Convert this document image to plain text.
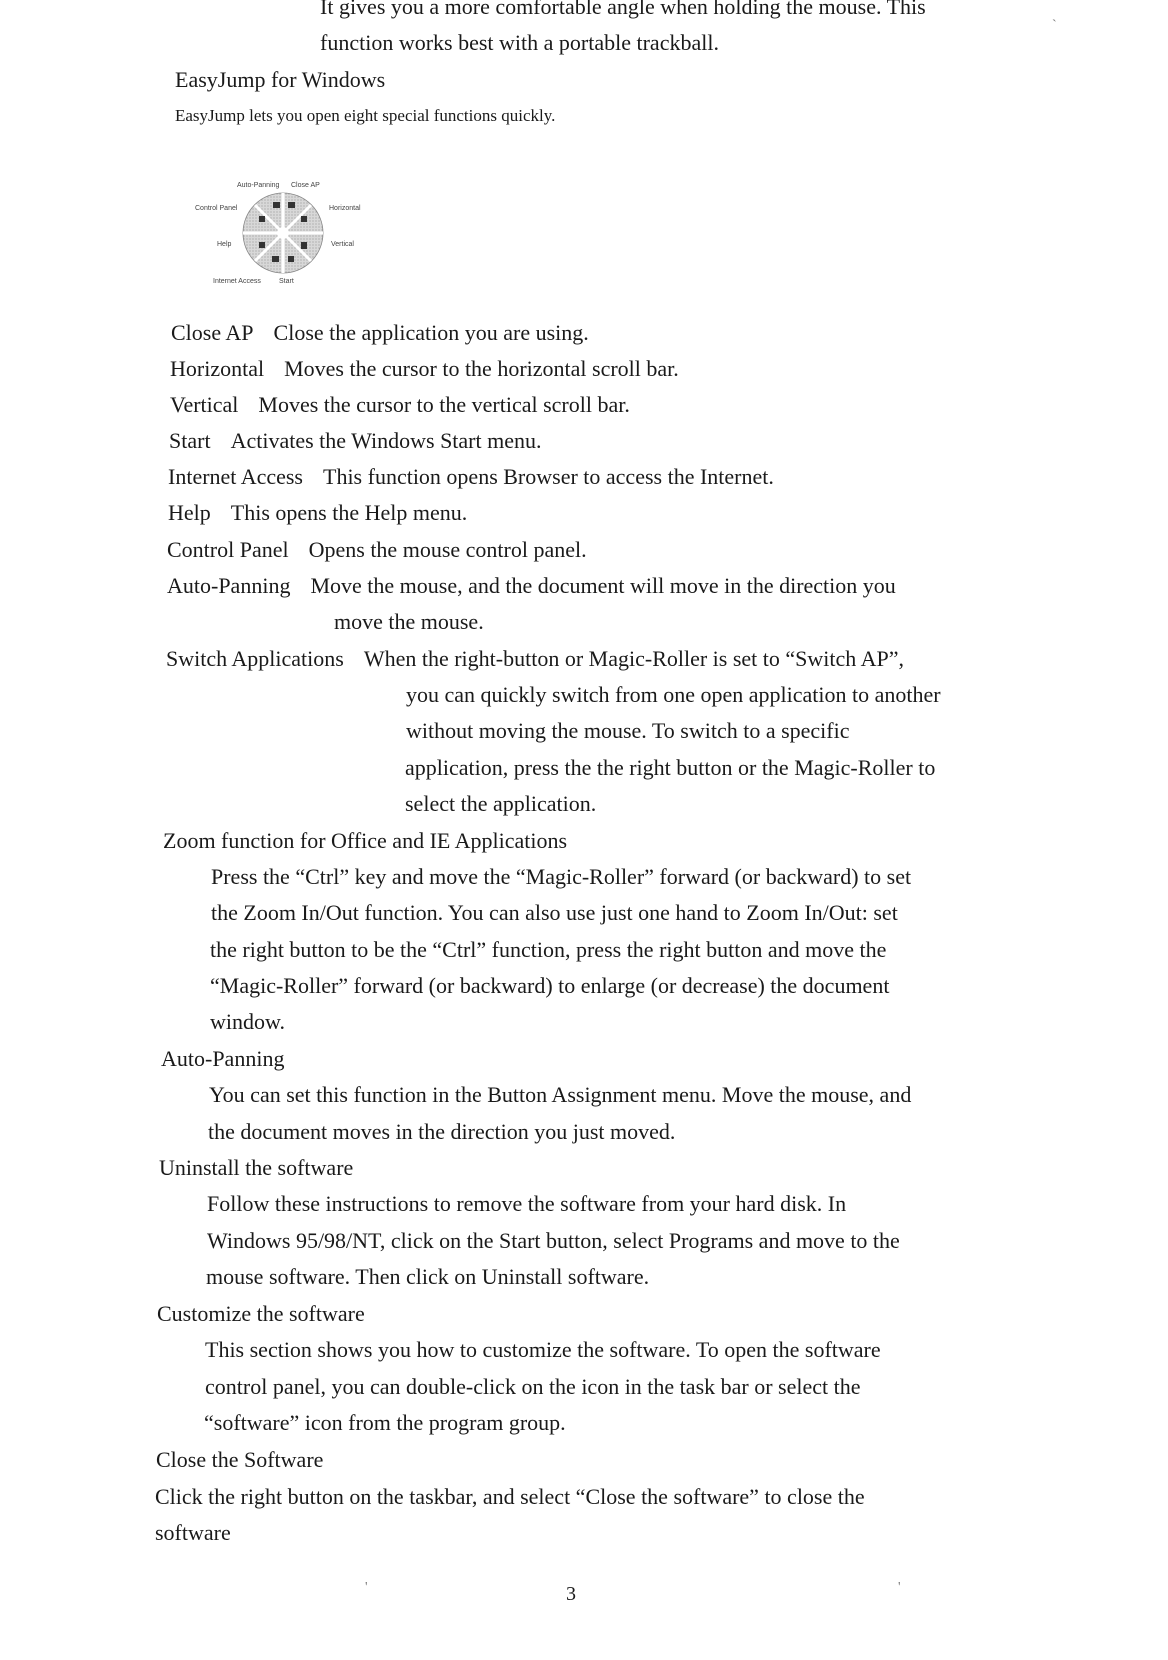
It gives you a more comfortable angle when holding the mouse. This
function works best with a portable trackball.
EasyJump for Windows
EasyJump lets you open eight special functions quickly.
Auto-Panning Close AP
Control Panel	Horizontal
Help	Vertical
Internet Access	Start
Close AP Close the application you are using.
Horizontal Moves the cursor to the horizontal scroll bar.
Vertical Moves the cursor to the vertical scroll bar.
Start Activates the Windows Start menu.
Internet Access This function opens Browser to access the Internet.
Help This opens the Help menu.
Control Panel Opens the mouse control panel.
Auto-Panning Move the mouse, and the document will move in the direction you
move the mouse.
Switch Applications When the right-button or Magic-Roller is set to “Switch AP”,
you can quickly switch from one open application to another
without moving the mouse. To switch to a specific
application, press the the right button or the Magic-Roller to
select the application.
Zoom function for Office and IE Applications
Press the “Ctrl” key and move the “Magic-Roller” forward (or backward) to set
the Zoom In/Out function. You can also use just one hand to Zoom In/Out: set
the right button to be the “Ctrl” function, press the right button and move the
“Magic-Roller” forward (or backward) to enlarge (or decrease) the document
window.
Auto-Panning
You can set this function in the Button Assignment menu. Move the mouse, and
the document moves in the direction you just moved.
Uninstall the software
Follow these instructions to remove the software from your hard disk. In
Windows 95/98/NT, click on the Start button, select Programs and move to the
mouse software. Then click on Uninstall software.
Customize the software
This section shows you how to customize the software. To open the software
control panel, you can double-click on the icon in the task bar or select the
“software” icon from the program group.
Close the Software
Click the right button on the taskbar, and select “Close the software” to close the
software
3
`
'	'
